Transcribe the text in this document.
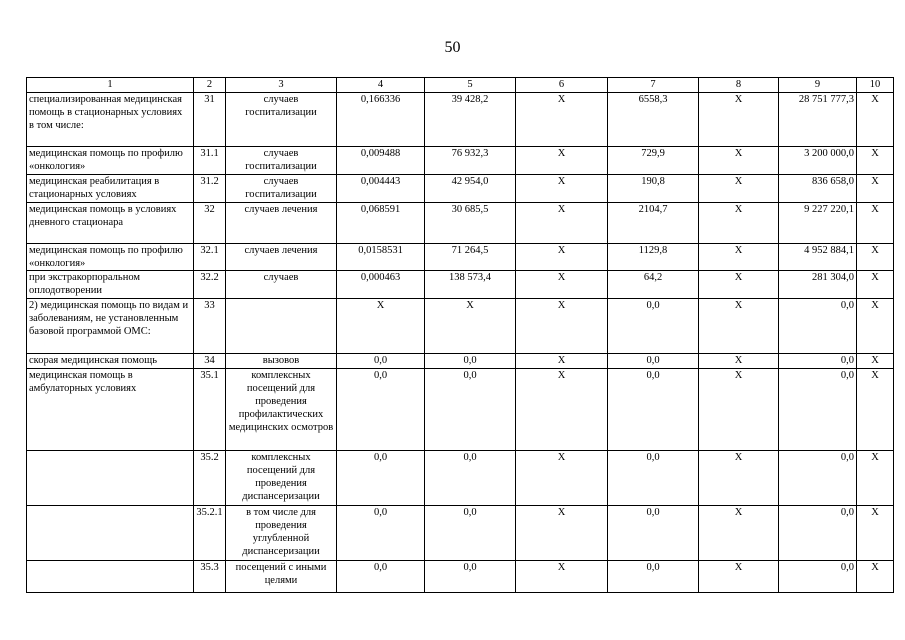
50
1	2	3	4	5	6	7	8	9	10
специализированная медицинская помощь в стационарных условиях
в том числе:	31	случаев госпитализации	0,166336	39 428,2	X	6558,3	X	28 751 777,3	X
медицинская помощь по профилю «онкология»	31.1	случаев госпитализации	0,009488	76 932,3	X	729,9	X	3 200 000,0	X
медицинская реабилитация в стационарных условиях	31.2	случаев госпитализации	0,004443	42 954,0	X	190,8	X	836 658,0	X
медицинская помощь в условиях дневного стационара	32	случаев лечения	0,068591	30 685,5	X	2104,7	X	9 227 220,1	X
медицинская помощь по профилю «онкология»	32.1	случаев лечения	0,0158531	71 264,5	X	1129,8	X	4 952 884,1	X
при экстракорпоральном оплодотворении	32.2	случаев	0,000463	138 573,4	X	64,2	X	281 304,0	X
2) медицинская помощь по видам и заболеваниям, не установленным базовой программой ОМС:	33		X	X	X	0,0	X	0,0	X
скорая медицинская помощь	34	вызовов	0,0	0,0	X	0,0	X	0,0	X
медицинская помощь в амбулаторных условиях	35.1	комплексных посещений для проведения профилактических медицинских осмотров	0,0	0,0	X	0,0	X	0,0	X
	35.2	комплексных посещений для проведения диспансеризации	0,0	0,0	X	0,0	X	0,0	X
	35.2.1	в том числе для проведения углубленной диспансеризации	0,0	0,0	X	0,0	X	0,0	X
	35.3	посещений с иными целями	0,0	0,0	X	0,0	X	0,0	X
